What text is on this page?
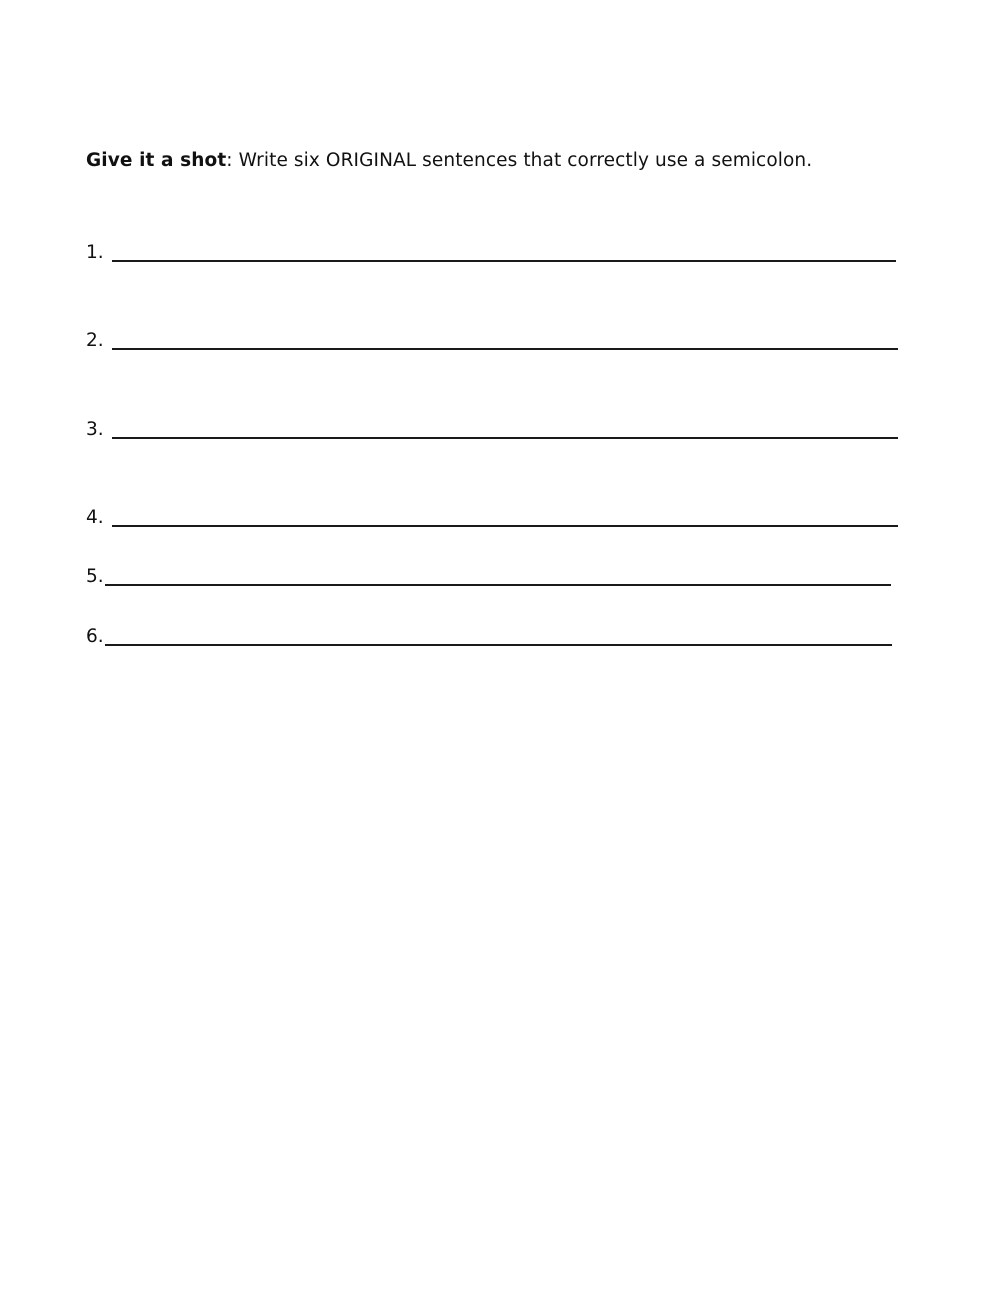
Give it a shot: Write six ORIGINAL sentences that correctly use a semicolon.
1.
2.
3.
4.
5.
6.
